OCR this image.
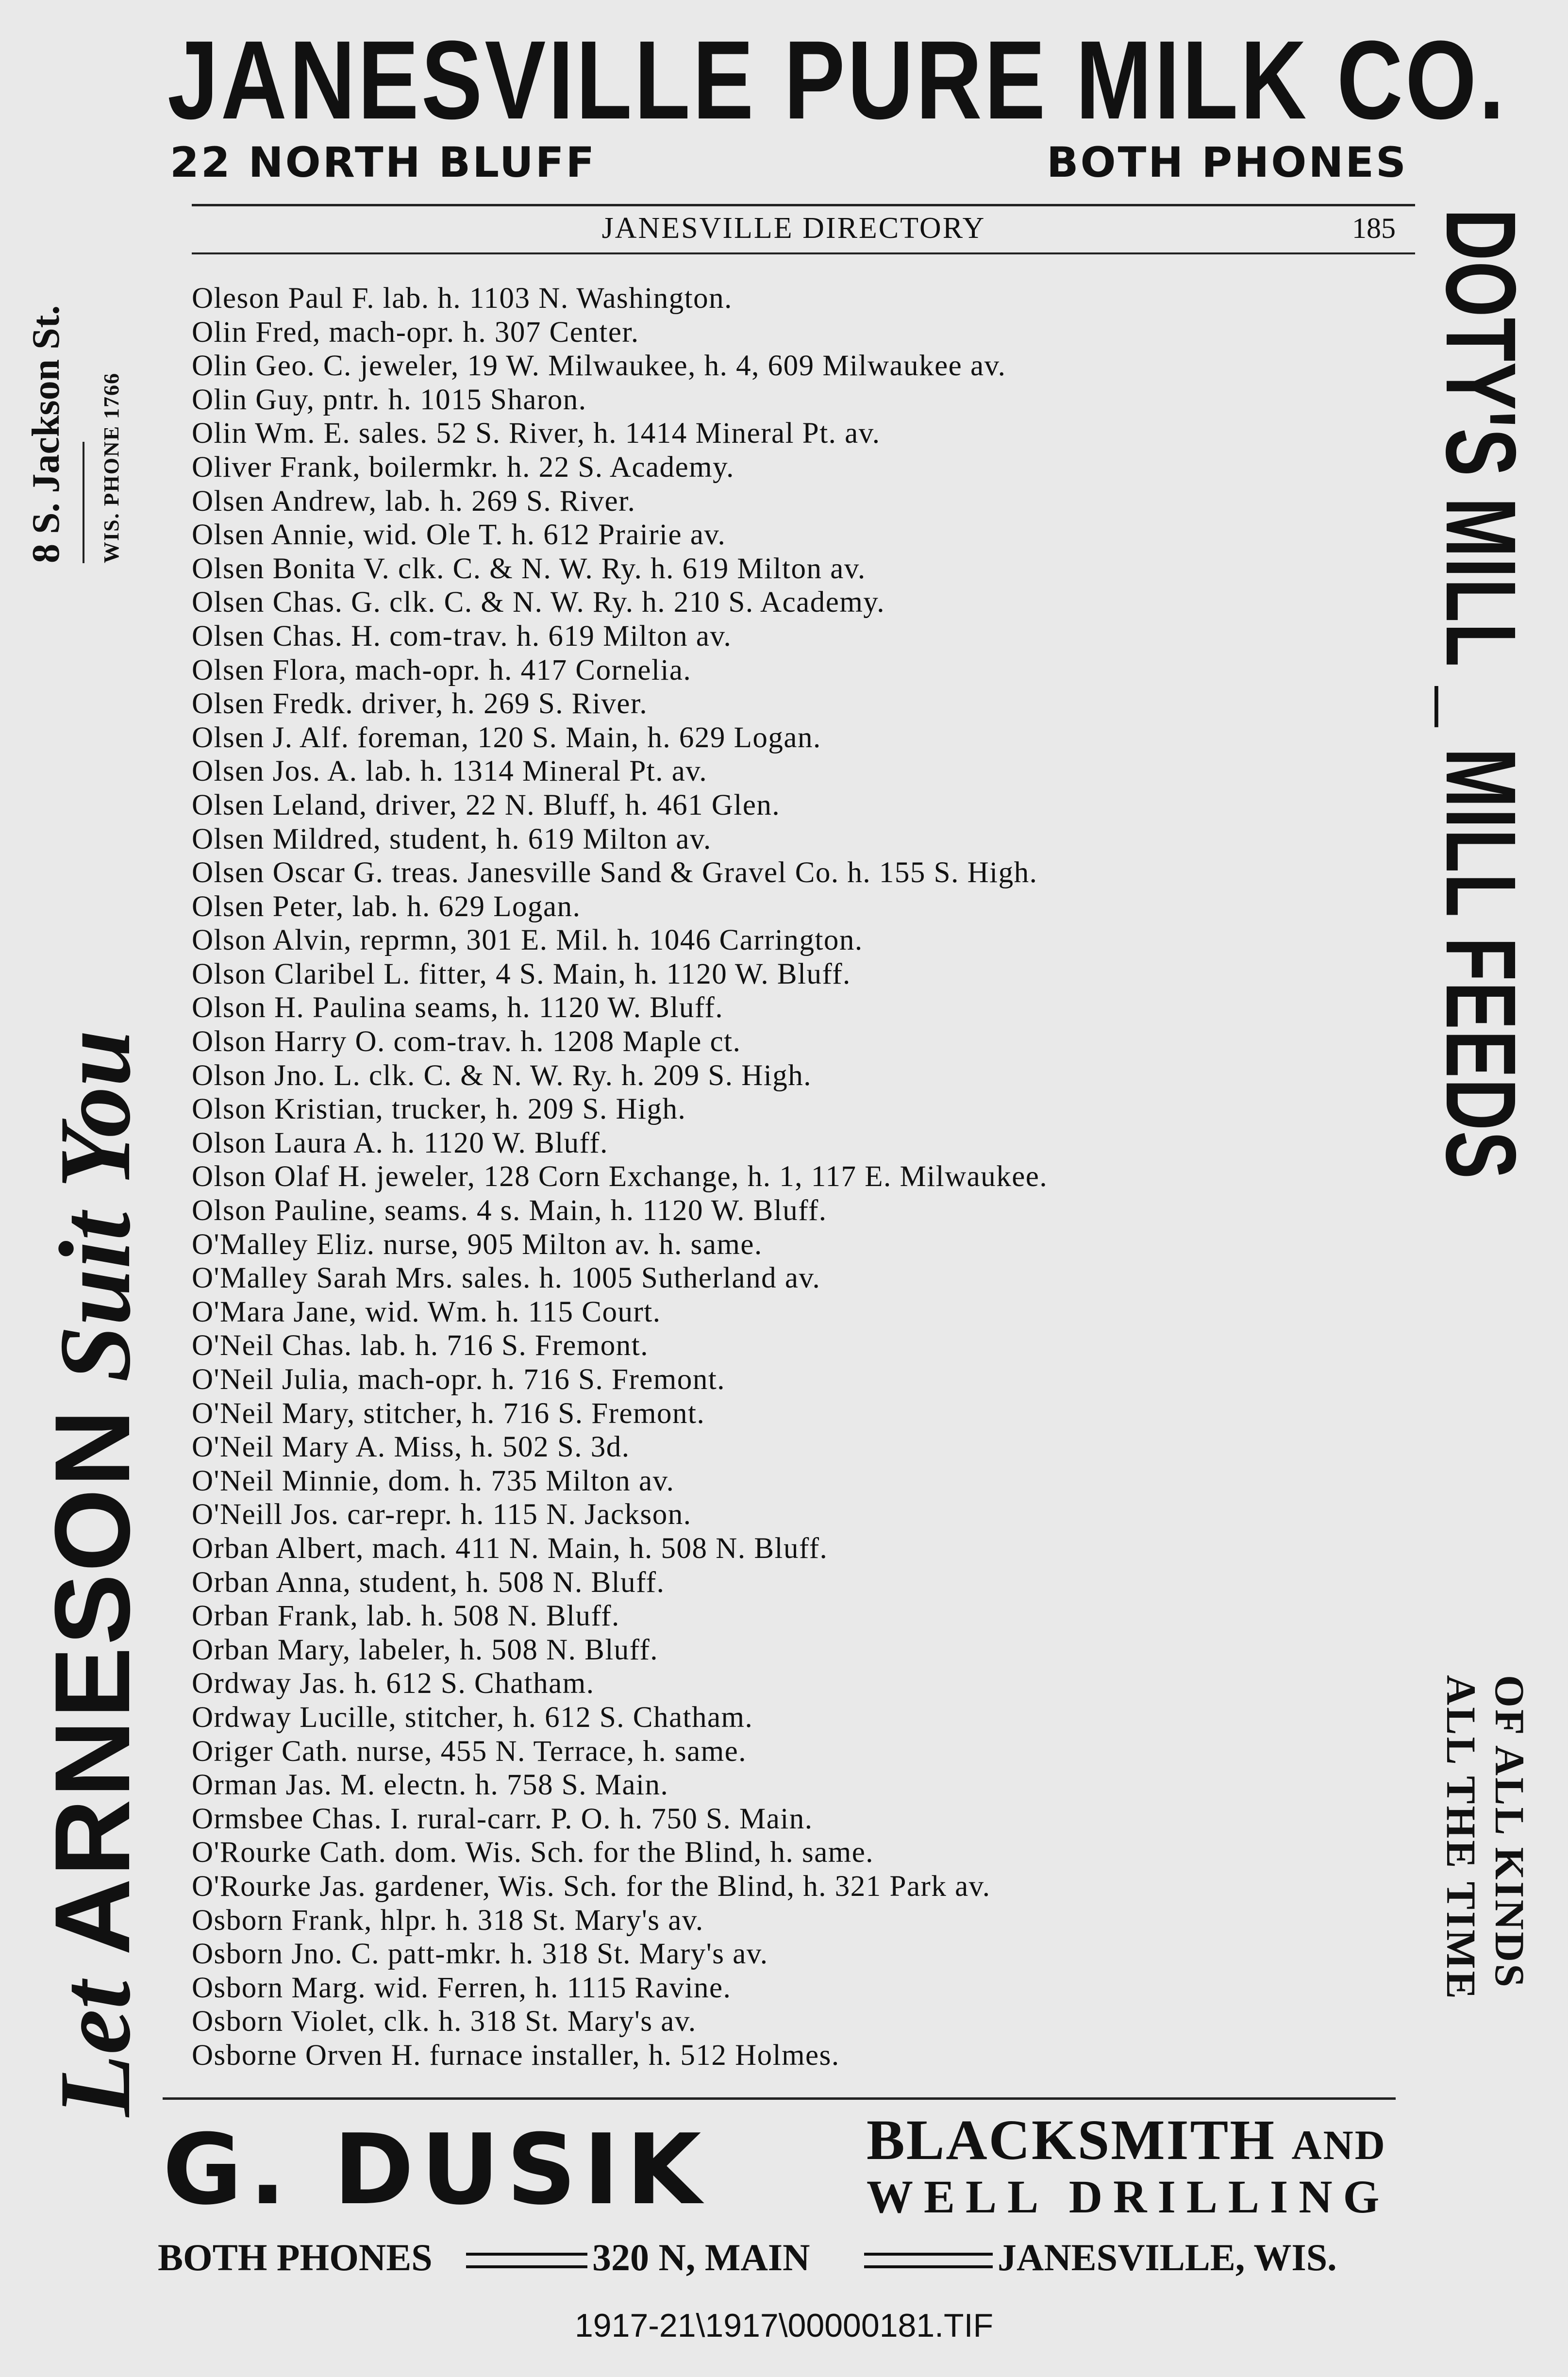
JANESVILLE PURE MILK CO.
22 NORTH BLUFF	BOTH PHONES
JANESVILLE DIRECTORY	185
Oleson Paul F. lab. h. 1103 N. Washington.
Olin Fred, mach-opr. h. 307 Center.
Olin Geo. C. jeweler, 19 W. Milwaukee, h. 4, 609 Milwaukee av.
Olin Guy, pntr. h. 1015 Sharon.
Olin Wm. E. sales. 52 S. River, h. 1414 Mineral Pt. av.
Oliver Frank, boilermkr. h. 22 S. Academy.
Olsen Andrew, lab. h. 269 S. River.
Olsen Annie, wid. Ole T. h. 612 Prairie av.
Olsen Bonita V. clk. C. & N. W. Ry. h. 619 Milton av.
Olsen Chas. G. clk. C. & N. W. Ry. h. 210 S. Academy.
Olsen Chas. H. com-trav. h. 619 Milton av.
Olsen Flora, mach-opr. h. 417 Cornelia.
Olsen Fredk. driver, h. 269 S. River.
Olsen J. Alf. foreman, 120 S. Main, h. 629 Logan.
Olsen Jos. A. lab. h. 1314 Mineral Pt. av.
Olsen Leland, driver, 22 N. Bluff, h. 461 Glen.
Olsen Mildred, student, h. 619 Milton av.
Olsen Oscar G. treas. Janesville Sand & Gravel Co. h. 155 S. High.
Olsen Peter, lab. h. 629 Logan.
Olson Alvin, reprmn, 301 E. Mil. h. 1046 Carrington.
Olson Claribel L. fitter, 4 S. Main, h. 1120 W. Bluff.
Olson H. Paulina seams, h. 1120 W. Bluff.
Olson Harry O. com-trav. h. 1208 Maple ct.
Olson Jno. L. clk. C. & N. W. Ry. h. 209 S. High.
Olson Kristian, trucker, h. 209 S. High.
Olson Laura A. h. 1120 W. Bluff.
Olson Olaf H. jeweler, 128 Corn Exchange, h. 1, 117 E. Milwaukee.
Olson Pauline, seams. 4 s. Main, h. 1120 W. Bluff.
O'Malley Eliz. nurse, 905 Milton av. h. same.
O'Malley Sarah Mrs. sales. h. 1005 Sutherland av.
O'Mara Jane, wid. Wm. h. 115 Court.
O'Neil Chas. lab. h. 716 S. Fremont.
O'Neil Julia, mach-opr. h. 716 S. Fremont.
O'Neil Mary, stitcher, h. 716 S. Fremont.
O'Neil Mary A. Miss, h. 502 S. 3d.
O'Neil Minnie, dom. h. 735 Milton av.
O'Neill Jos. car-repr. h. 115 N. Jackson.
Orban Albert, mach. 411 N. Main, h. 508 N. Bluff.
Orban Anna, student, h. 508 N. Bluff.
Orban Frank, lab. h. 508 N. Bluff.
Orban Mary, labeler, h. 508 N. Bluff.
Ordway Jas. h. 612 S. Chatham.
Ordway Lucille, stitcher, h. 612 S. Chatham.
Origer Cath. nurse, 455 N. Terrace, h. same.
Orman Jas. M. electn. h. 758 S. Main.
Ormsbee Chas. I. rural-carr. P. O. h. 750 S. Main.
O'Rourke Cath. dom. Wis. Sch. for the Blind, h. same.
O'Rourke Jas. gardener, Wis. Sch. for the Blind, h. 321 Park av.
Osborn Frank, hlpr. h. 318 St. Mary's av.
Osborn Jno. C. patt-mkr. h. 318 St. Mary's av.
Osborn Marg. wid. Ferren, h. 1115 Ravine.
Osborn Violet, clk. h. 318 St. Mary's av.
Osborne Orven H. furnace installer, h. 512 Holmes.
Let ARNESON Suit You
8 S. Jackson St. WIS. PHONE 1766	DOTY'S MILL _ MILL FEEDS
OF ALL KINDS
ALL THE TIME
G. DUSIK	BLACKSMITH AND
WELL DRILLING
BOTH PHONES	320 N, MAIN	JANESVILLE, WIS.
1917-21\1917\00000181.TIF
